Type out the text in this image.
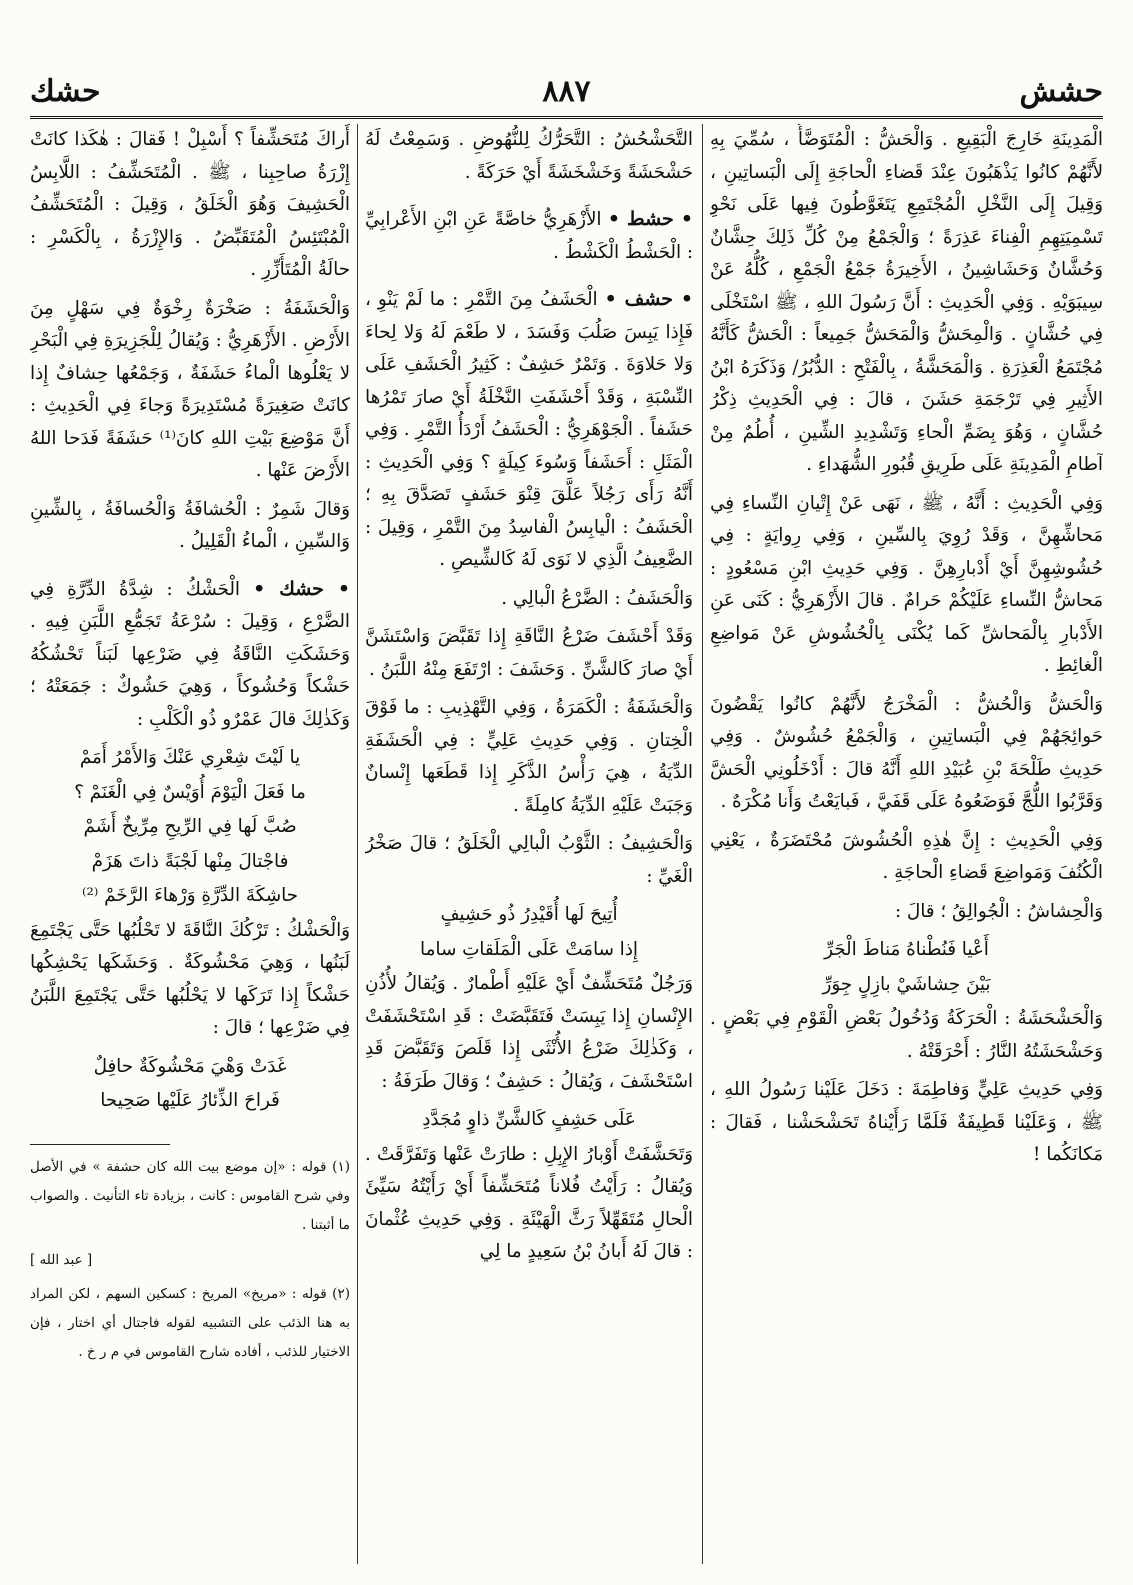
حشش
٨٨٧
حشك

الْمَدِينَةِ خَارِجَ الْبَقِيعِ . وَالْحَشُّ : الْمُتَوَضَّأُ ، سُمِّيَ بِهِ لأَنَّهُمْ كانُوا يَذْهَبُونَ عِنْدَ قَضاءِ الْحاجَةِ إِلَى الْبَساتِينِ ، وَقِيلَ إِلَى النَّخْلِ الْمُجْتَمِعِ يَتَغَوَّطُونَ فِيها عَلَى نَحْوِ تَسْمِيَتِهِمِ الْفِناءَ عَذِرَةً ؛ وَالْجَمْعُ مِنْ كُلِّ ذَلِكَ حِشَّانٌ وَحُشَّانٌ وَحَشَاشِينُ ، الأَخِيرَةُ جَمْعُ الْجَمْعِ ، كُلُّهُ عَنْ سِيبَوَيْهِ . وَفِي الْحَدِيثِ : أَنَّ رَسُولَ اللهِ ، ﷺ اسْتَخْلَى فِي حُشَّانٍ . وَالْمِحَشُّ وَالْمَحَشُّ جَمِيعاً : الْحَشُّ كَأَنَّهُ مُجْتَمَعُ الْعَذِرَةِ . وَالْمَحَشَّةُ ، بِالْفَتْحِ : الدُّبُرُ/ وَذَكَرَهُ ابْنُ الأَثِيرِ فِي تَرْجَمَةِ حَشَنَ ، قالَ : فِي الْحَدِيثِ ذِكْرُ حُشَّانٍ ، وَهُوَ بِضَمِّ الْحاءِ وَتَشْدِيدِ الشِّينِ ، أُطُمٌ مِنْ آطامِ الْمَدِينَةِ عَلَى طَرِيقِ قُبُورِ الشُّهَداءِ .

وَفِي الْحَدِيثِ : أَنَّهُ ، ﷺ ، نَهَى عَنْ إِتْيانِ النِّساءِ فِي مَحاشِّهِنَّ ، وَقَدْ رُوِيَ بِالسِّينِ ، وَفِي رِوايَةٍ : فِي حُشُوشِهِنَّ أَيْ أَدْبارِهِنَّ . وَفِي حَدِيثِ ابْنِ مَسْعُودٍ : مَحاشُّ النِّساءِ عَلَيْكُمْ حَرامٌ . قالَ الأَزْهَرِيُّ : كَنَى عَنِ الأَدْبارِ بِالْمَحاشِّ كَما يُكْنَى بِالْحُشُوشِ عَنْ مَواضِعِ الْغائِطِ .

وَالْحَشُّ وَالْحُشُّ : الْمَخْرَجُ لأَنَّهُمْ كانُوا يَقْضُونَ حَوائِجَهُمْ فِي الْبَساتِينِ ، وَالْجَمْعُ حُشُوشٌ . وَفِي حَدِيثِ طَلْحَةَ بْنِ عُبَيْدِ اللهِ أَنَّهُ قالَ : أَدْخَلُونِي الْحَشَّ وَقَرَّبُوا اللُّجَّ فَوَضَعُوهُ عَلَى قَفَيَّ ، فَبايَعْتُ وَأَنا مُكْرَهٌ .

وَفِي الْحَدِيثِ : إِنَّ هٰذِهِ الْحُشُوشَ مُحْتَضَرَةٌ ، يَعْنِي الْكُنُفَ وَمَواضِعَ قَضاءِ الْحاجَةِ .

وَالْحِشاشُ : الْجُوالِقُ ؛ قالَ :

أَعْيا فَنُطْناهُ مَناطَ الْجَرِّ
بَيْنَ حِشاشَيْ بازِلٍ جِوَرِّ

وَالْحَشْحَشَةُ : الْحَرَكَةُ وَدُخُولُ بَعْضِ الْقَوْمِ فِي بَعْضٍ . وَحَشْحَشَتُهُ النَّارُ : أَحْرَقَتْهُ .

وَفِي حَدِيثِ عَلِيٍّ وَفاطِمَةَ : دَخَلَ عَلَيْنا رَسُولُ اللهِ ، ﷺ ، وَعَلَيْنا قَطِيفَةٌ فَلَمَّا رَأَيْناهُ تَحَشْحَشْنا ، فَقالَ : مَكانَكُما !

التَّحَشْحُشُ : التَّحَرُّكُ لِلنُّهُوضِ . وَسَمِعْتُ لَهُ حَشْحَشَةً وَخَشْخَشَةً أَيْ حَرَكَةً .

• حشط • الأَزْهَرِيُّ خاصَّةً عَنِ ابْنِ الأَعْرابِيِّ : الْحَشْطُ الْكَشْطُ .

• حشف • الْحَشَفُ مِنَ التَّمْرِ : ما لَمْ يَنْوِ ، فَإِذا يَبِسَ صَلُبَ وَفَسَدَ ، لا طَعْمَ لَهُ وَلا لِحاءَ وَلا حَلاوَةَ . وَتَمْرٌ حَشِفٌ : كَثِيرُ الْحَشَفِ عَلَى النِّسْبَةِ ، وَقَدْ أَحْشَفَتِ النَّخْلَةُ أَيْ صارَ تَمْرُها حَشَفاً . الْجَوْهَرِيُّ : الْحَشَفُ أَرْدَأُ التَّمْرِ . وَفِي الْمَثَلِ : أَحَشَفاً وَسُوءَ كِيلَةٍ ؟ وَفِي الْحَدِيثِ : أَنَّهُ رَأَى رَجُلاً عَلَّقَ قِنْوَ حَشَفٍ تَصَدَّقَ بِهِ ؛ الْحَشَفُ : الْيابِسُ الْفاسِدُ مِنَ التَّمْرِ ، وَقِيلَ : الضَّعِيفُ الَّذِي لا نَوَى لَهُ كَالشِّيصِ .

وَالْحَشَفُ : الضَّرْعُ الْبالِي .

وَقَدْ أَحْشَفَ ضَرْعُ النَّاقَةِ إِذا تَقَبَّضَ وَاسْتَشَنَّ أَيْ صارَ كَالشَّنِّ . وَحَشَفَ : ارْتَفَعَ مِنْهُ اللَّبَنُ .

وَالْحَشَفَةُ : الْكَمَرَةُ ، وَفِي التَّهْذِيبِ : ما فَوْقَ الْخِتانِ . وَفِي حَدِيثِ عَلِيٍّ : فِي الْحَشَفَةِ الدِّيَةُ ، هِيَ رَأْسُ الذَّكَرِ إِذا قَطَعَها إِنْسانٌ وَجَبَتْ عَلَيْهِ الدِّيَةُ كامِلَةً .

وَالْحَشِيفُ : الثَّوْبُ الْبالِي الْخَلَقُ ؛ قالَ صَخْرُ الْغَيِّ :

أُتِيحَ لَها أُقَيْدِرُ ذُو حَشِيفٍ
إِذا سامَتْ عَلَى الْمَلَقاتِ ساما

وَرَجُلٌ مُتَحَشِّفٌ أَيْ عَلَيْهِ أَطْمارٌ . وَيُقالُ لأُذُنِ الإِنْسانِ إِذا يَبِسَتْ فَتَقَبَّضَتْ : قَدِ اسْتَحْشَفَتْ ، وَكَذٰلِكَ ضَرْعُ الأُنْثَى إِذا قَلَصَ وَتَقَبَّضَ قَدِ اسْتَحْشَفَ ، وَيُقالُ : حَشِفٌ ؛ وَقالَ طَرَفَةُ :

عَلَى حَشِفٍ كَالشَّنِّ ذاوٍ مُجَدَّدِ

وَتَحَشَّفَتْ أَوْبارُ الإِبِلِ : طارَتْ عَنْها وَتَفَرَّقَتْ . وَيُقالُ : رَأَيْتُ فُلاناً مُتَحَشِّفاً أَيْ رَأَيْتُهُ سَيِّئَ الْحالِ مُتَقَهِّلاً رَثَّ الْهَيْئَةِ . وَفِي حَدِيثِ عُثْمانَ : قالَ لَهُ أَبانُ بْنُ سَعِيدٍ ما لِي

أَراكَ مُتَحَشِّفاً ؟ أَسْبِلْ ! فَقالَ : هٰكَذا كانَتْ إِزْرَةُ صاحِبِنا ، ﷺ . الْمُتَحَشِّفُ : اللَّابِسُ الْحَشِيفَ وَهُوَ الْخَلَقُ ، وَقِيلَ : الْمُتَحَشِّفُ الْمُبْتَئِسُ الْمُتَقَبِّضُ . وَالإِزْرَةُ ، بِالْكَسْرِ : حالَةُ الْمُتَأَزِّرِ .

وَالْحَشَفَةُ : صَخْرَةٌ رِخْوَةٌ فِي سَهْلٍ مِنَ الأَرْضِ . الأَزْهَرِيُّ : وَيُقالُ لِلْجَزِيرَةِ فِي الْبَحْرِ لا يَعْلُوها الْماءُ حَشَفَةٌ ، وَجَمْعُها حِشافٌ إِذا كانَتْ صَغِيرَةً مُسْتَدِيرَةً وَجاءَ فِي الْحَدِيثِ : أَنَّ مَوْضِعَ بَيْتِ اللهِ كانَ⁽¹⁾ حَشَفَةً فَدَحا اللهُ الأَرْضَ عَنْها .

وَقالَ شَمِرٌ : الْحُشافَةُ وَالْحُسافَةُ ، بِالشِّينِ وَالسِّينِ ، الْماءُ الْقَلِيلُ .

• حشك • الْحَشْكُ : شِدَّةُ الدِّرَّةِ فِي الضَّرْعِ ، وَقِيلَ : سُرْعَةُ تَجَمُّعِ اللَّبَنِ فِيهِ . وَحَشَكَتِ النَّاقَةُ فِي ضَرْعِها لَبَناً تَحْشُكُهُ حَشْكاً وَحُشُوكاً ، وَهِيَ حَشُوكٌ : جَمَعَتْهُ ؛ وَكَذٰلِكَ قالَ عَمْرٌو ذُو الْكَلْبِ :

يا لَيْتَ شِعْرِي عَنْكَ وَالأَمْرُ أَمَمْ
ما فَعَلَ الْيَوْمَ أُوَيْسٌ فِي الْغَنَمْ ؟
صُبَّ لَها فِي الرِّيحِ مِرِّيخٌ أَشَمْ
فاجْتالَ مِنْها لَجْبَةً ذاتَ هَزَمْ
حاشِكَةَ الدِّرَّةِ وَرْهاءَ الرَّخَمْ ⁽²⁾

وَالْحَشْكُ : تَرْكُكَ النَّاقَةَ لا تَحْلُبُها حَتَّى يَجْتَمِعَ لَبَنُها ، وَهِيَ مَحْشُوكَةٌ . وَحَشَكَها يَحْشِكُها حَشْكاً إِذا تَرَكَها لا يَحْلُبُها حَتَّى يَجْتَمِعَ اللَّبَنُ فِي ضَرْعِها ؛ قالَ :

غَدَتْ وَهْيَ مَحْشُوكَةٌ حافِلٌ
فَراحَ الذِّئارُ عَلَيْها صَحِيحا

(١) قوله : «إن موضع بيت الله كان حشفة » في الأصل وفي شرح القاموس : كانت ، بزيادة تاء التأنيث . والصواب ما أثبتنا .

[ عبد الله ]

(٢) قوله : «مريخ» المريخ : كسكين السهم ، لكن المراد به هنا الذئب على التشبيه لقوله فاجتال أي اختار ، فإن الاختيار للذئب ، أفاده شارح القاموس في م ر خ .
